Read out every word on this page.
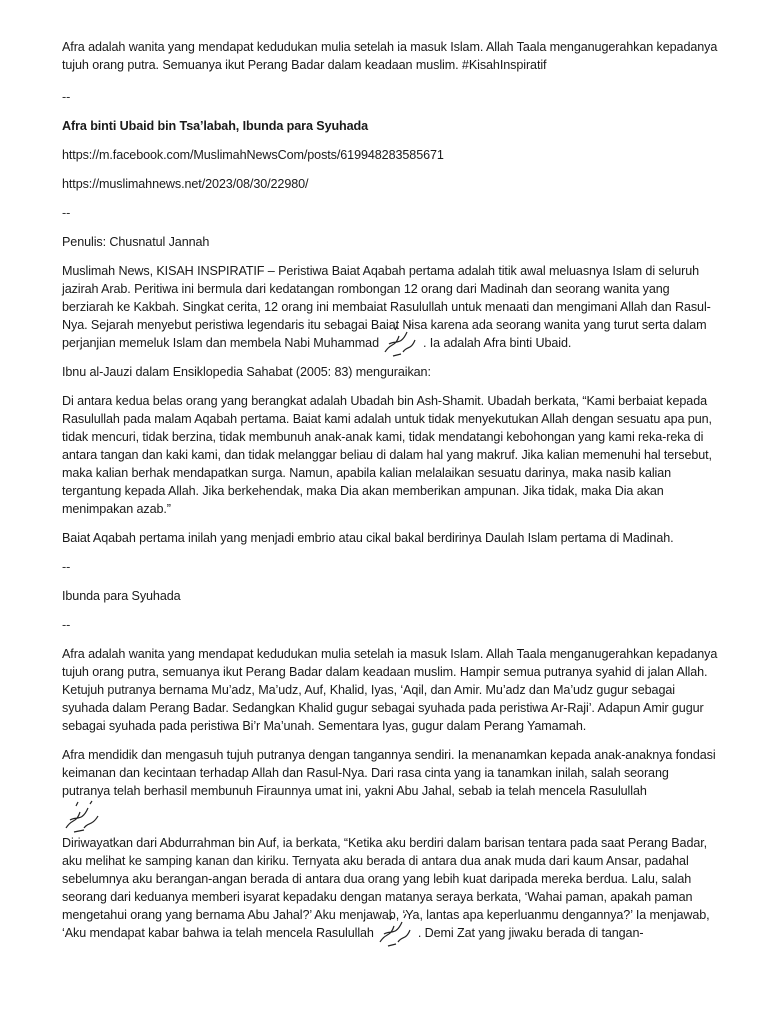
Afra adalah wanita yang mendapat kedudukan mulia setelah ia masuk Islam. Allah Taala menganugerahkan kepadanya tujuh orang putra. Semuanya ikut Perang Badar dalam keadaan muslim. #KisahInspiratif

--

Afra binti Ubaid bin Tsa’labah, Ibunda para Syuhada

https://m.facebook.com/MuslimahNewsCom/posts/619948283585671

https://muslimahnews.net/2023/08/30/22980/

--

Penulis: Chusnatul Jannah

Muslimah News, KISAH INSPIRATIF – Peristiwa Baiat Aqabah pertama adalah titik awal meluasnya Islam di seluruh jazirah Arab. Peritiwa ini bermula dari kedatangan rombongan 12 orang dari Madinah dan seorang wanita yang berziarah ke Kakbah. Singkat cerita, 12 orang ini membaiat Rasulullah untuk menaati dan mengimani Allah dan Rasul-Nya. Sejarah menyebut peristiwa legendaris itu sebagai Baiat Nisa karena ada seorang wanita yang turut serta dalam perjanjian memeluk Islam dan membela Nabi Muhammad	. Ia adalah Afra binti Ubaid.

Ibnu al-Jauzi dalam Ensiklopedia Sahabat (2005: 83) menguraikan:

Di antara kedua belas orang yang berangkat adalah Ubadah bin Ash-Shamit. Ubadah berkata, “Kami berbaiat kepada Rasulullah pada malam Aqabah pertama. Baiat kami adalah untuk tidak menyekutukan Allah dengan sesuatu apa pun, tidak mencuri, tidak berzina, tidak membunuh anak-anak kami, tidak mendatangi kebohongan yang kami reka-reka di antara tangan dan kaki kami, dan tidak melanggar beliau di dalam hal yang makruf. Jika kalian memenuhi hal tersebut, maka kalian berhak mendapatkan surga. Namun, apabila kalian melalaikan sesuatu darinya, maka nasib kalian tergantung kepada Allah. Jika berkehendak, maka Dia akan memberikan ampunan. Jika tidak, maka Dia akan menimpakan azab.”

Baiat Aqabah pertama inilah yang menjadi embrio atau cikal bakal berdirinya Daulah Islam pertama di Madinah.

--

Ibunda para Syuhada

--

Afra adalah wanita yang mendapat kedudukan mulia setelah ia masuk Islam. Allah Taala menganugerahkan kepadanya tujuh orang putra, semuanya ikut Perang Badar dalam keadaan muslim. Hampir semua putranya syahid di jalan Allah. Ketujuh putranya bernama Mu’adz, Ma’udz, Auf, Khalid, Iyas, ‘Aqil, dan Amir. Mu’adz dan Ma’udz gugur sebagai syuhada dalam Perang Badar. Sedangkan Khalid gugur sebagai syuhada pada peristiwa Ar-Raji’. Adapun Amir gugur sebagai syuhada pada peristiwa Bi’r Ma’unah. Sementara Iyas, gugur dalam Perang Yamamah.

Afra mendidik dan mengasuh tujuh putranya dengan tangannya sendiri. Ia menanamkan kepada anak-anaknya fondasi keimanan dan kecintaan terhadap Allah dan Rasul-Nya. Dari rasa cinta yang ia tanamkan inilah, salah seorang putranya telah berhasil membunuh Firaunnya umat ini, yakni Abu Jahal, sebab ia telah mencela Rasulullah

Diriwayatkan dari Abdurrahman bin Auf, ia berkata, “Ketika aku berdiri dalam barisan tentara pada saat Perang Badar, aku melihat ke samping kanan dan kiriku. Ternyata aku berada di antara dua anak muda dari kaum Ansar, padahal sebelumnya aku berangan-angan berada di antara dua orang yang lebih kuat daripada mereka berdua. Lalu, salah seorang dari keduanya memberi isyarat kepadaku dengan matanya seraya berkata, ‘Wahai paman, apakah paman mengetahui orang yang bernama Abu Jahal?’ Aku menjawab, ‘Ya, lantas apa keperluanmu dengannya?’ Ia menjawab, ‘Aku mendapat kabar bahwa ia telah mencela Rasulullah	. Demi Zat yang jiwaku berada di tangan-
